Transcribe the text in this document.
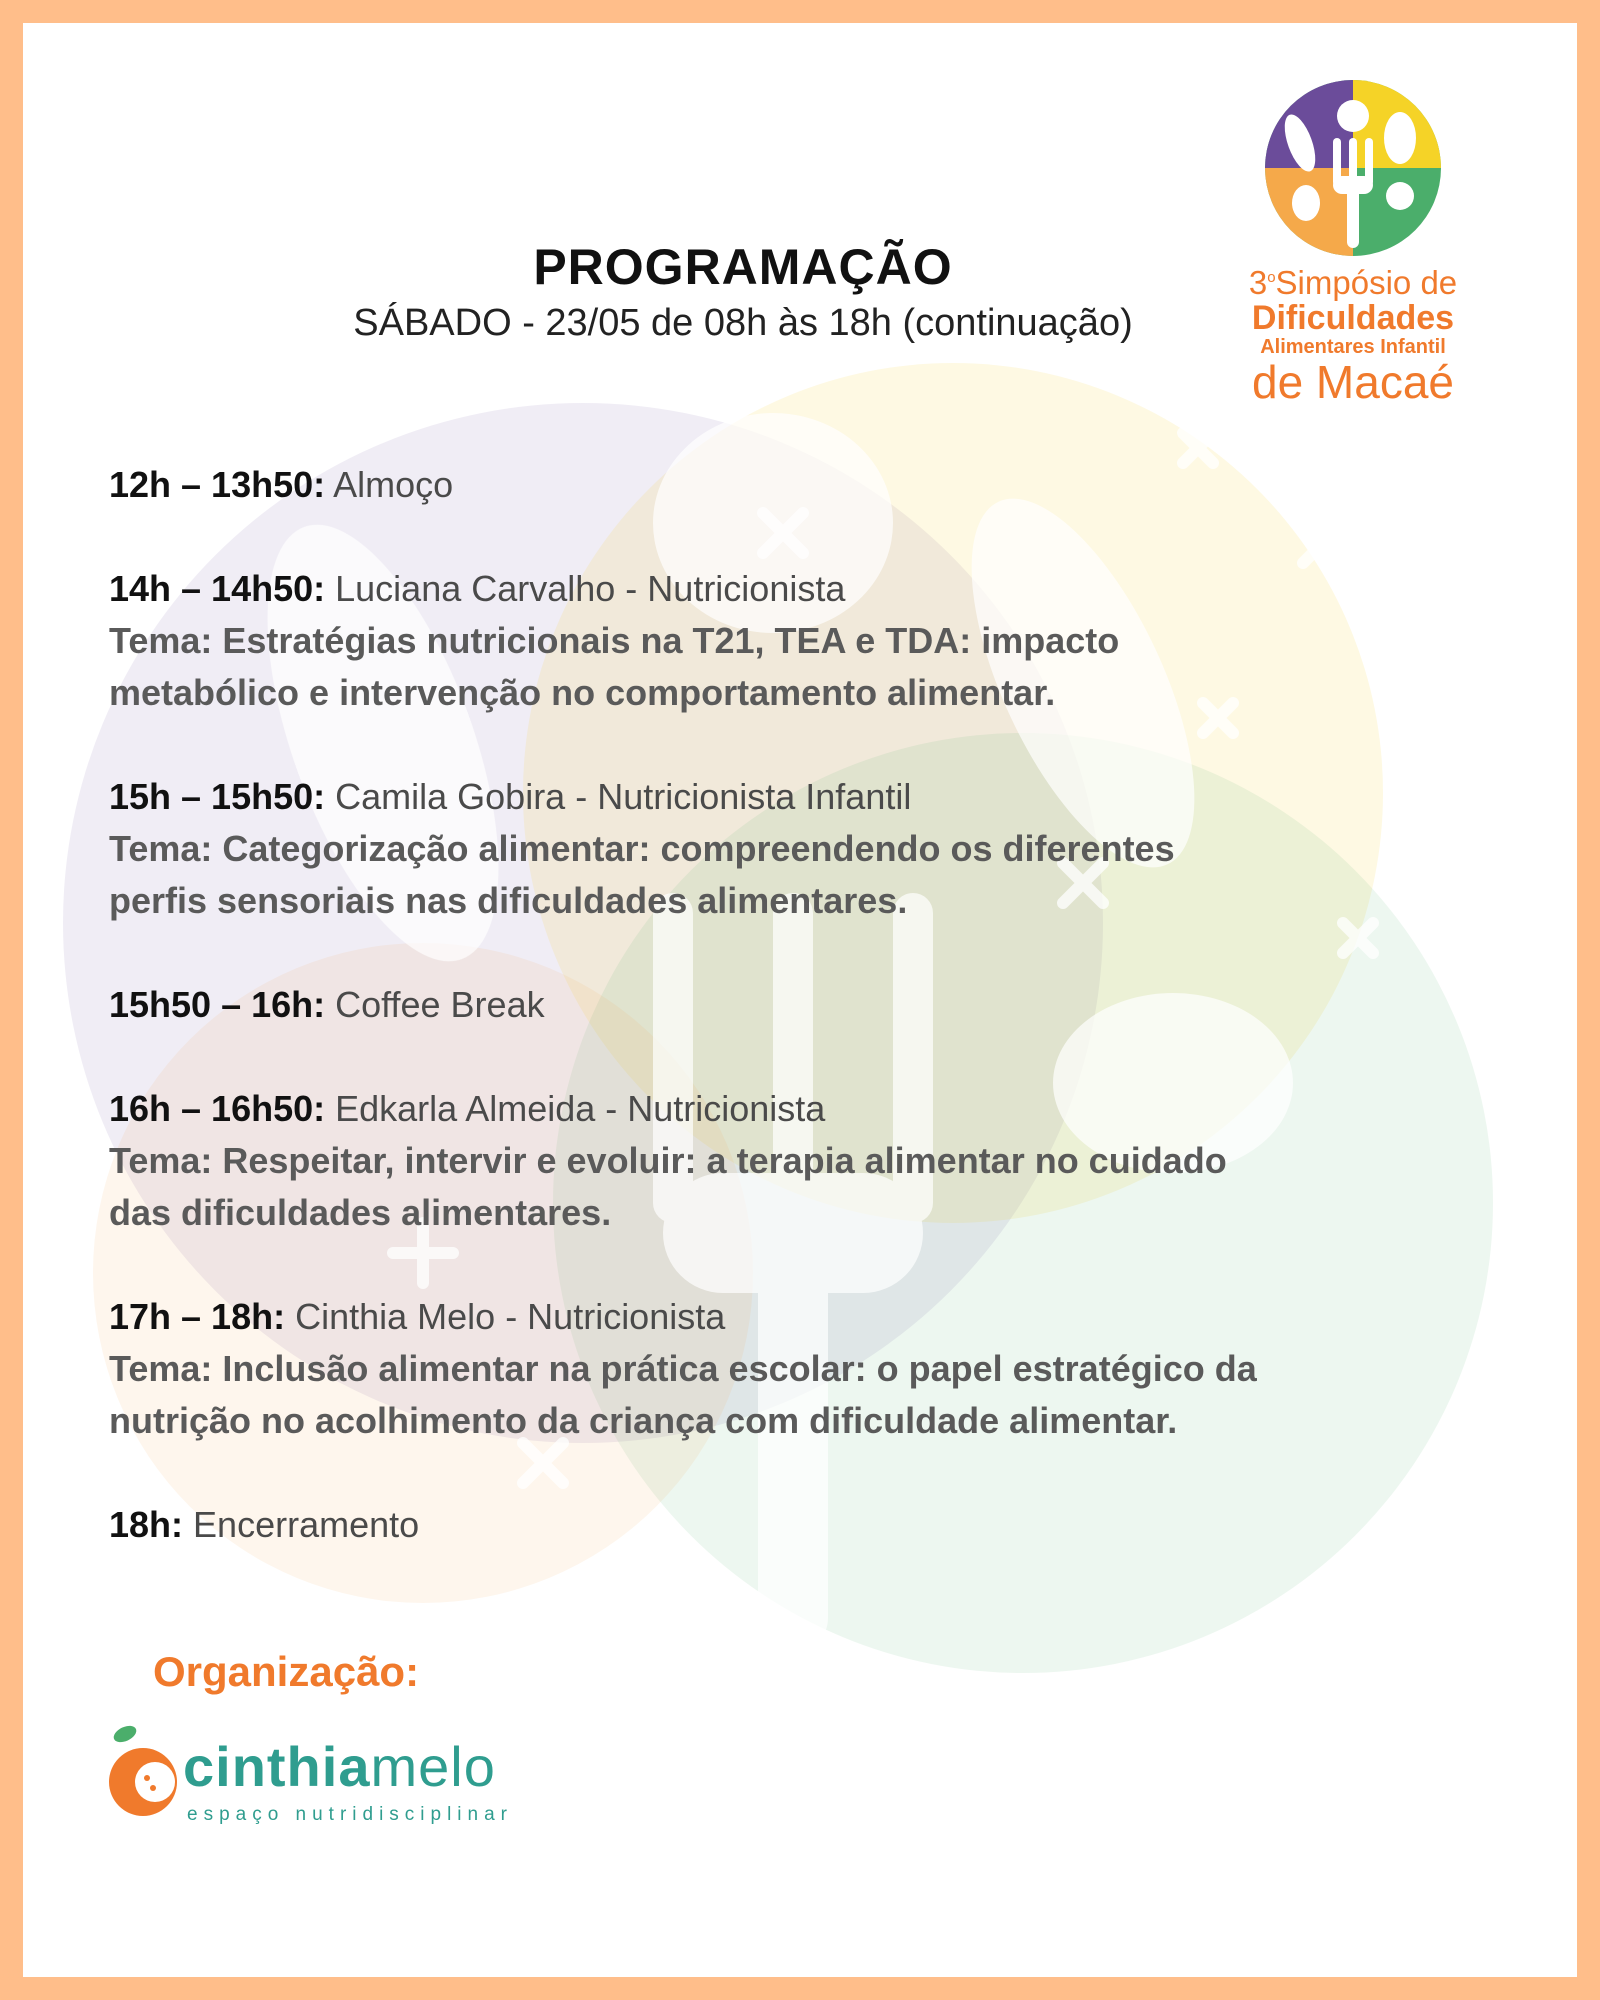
3$^o$Simpósio de
Dificuldades
Alimentares Infantil
de Macaé
PROGRAMAÇÃO
SÁBADO - 23/05 de 08h às 18h (continuação)
12h – 13h50: Almoço
14h – 14h50: Luciana Carvalho - Nutricionista
Tema: Estratégias nutricionais na T21, TEA e TDA: impacto
metabólico e intervenção no comportamento alimentar.
15h – 15h50: Camila Gobira - Nutricionista Infantil
Tema: Categorização alimentar: compreendendo os diferentes
perfis sensoriais nas dificuldades alimentares.
15h50 – 16h: Coffee Break
16h – 16h50: Edkarla Almeida - Nutricionista
Tema: Respeitar, intervir e evoluir: a terapia alimentar no cuidado
das dificuldades alimentares.
17h – 18h: Cinthia Melo - Nutricionista
Tema: Inclusão alimentar na prática escolar: o papel estratégico da
nutrição no acolhimento da criança com dificuldade alimentar.
18h: Encerramento
Organização:
cinthiamelo
espaço nutridisciplinar
